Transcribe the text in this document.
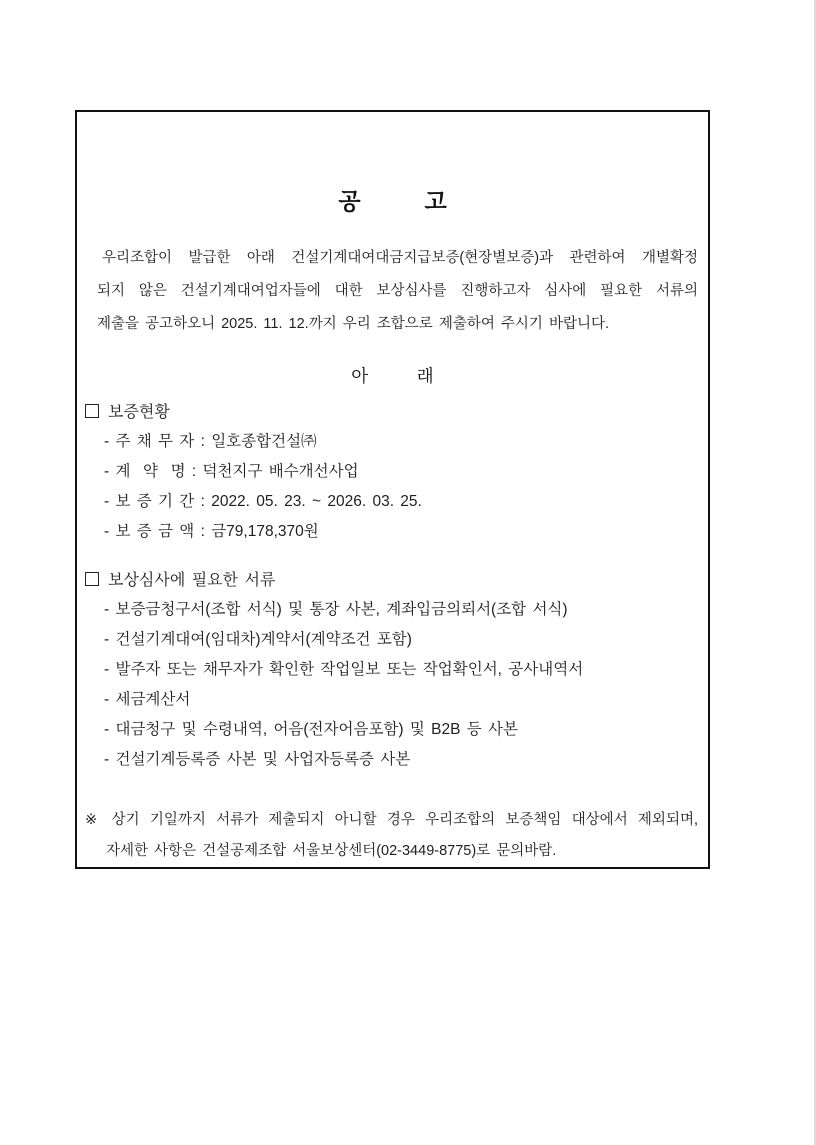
공          고
우리조합이 발급한 아래 건설기계대여대금지급보증(현장별보증)과 관련하여 개별확정
되지 않은 건설기계대여업자들에 대한 보상심사를 진행하고자 심사에 필요한 서류의
제출을 공고하오니 2025. 11. 12.까지 우리 조합으로 제출하여 주시기 바랍니다.
아          래
보증현황
- 주 채 무 자 : 일호종합건설㈜
- 계  약  명 : 덕천지구 배수개선사업
- 보 증 기 간 : 2022. 05. 23. ~ 2026. 03. 25.
- 보 증 금 액 : 금79,178,370원
보상심사에 필요한 서류
- 보증금청구서(조합 서식) 및 통장 사본, 계좌입금의뢰서(조합 서식)
- 건설기계대여(임대차)계약서(계약조건 포함)
- 발주자 또는 채무자가 확인한 작업일보 또는 작업확인서, 공사내역서
- 세금계산서
- 대금청구 및 수령내역, 어음(전자어음포함) 및 B2B 등 사본
- 건설기계등록증 사본 및 사업자등록증 사본
※ 상기 기일까지 서류가 제출되지 아니할 경우 우리조합의 보증책임 대상에서 제외되며,
자세한 사항은 건설공제조합 서울보상센터(02-3449-8775)로 문의바람.
